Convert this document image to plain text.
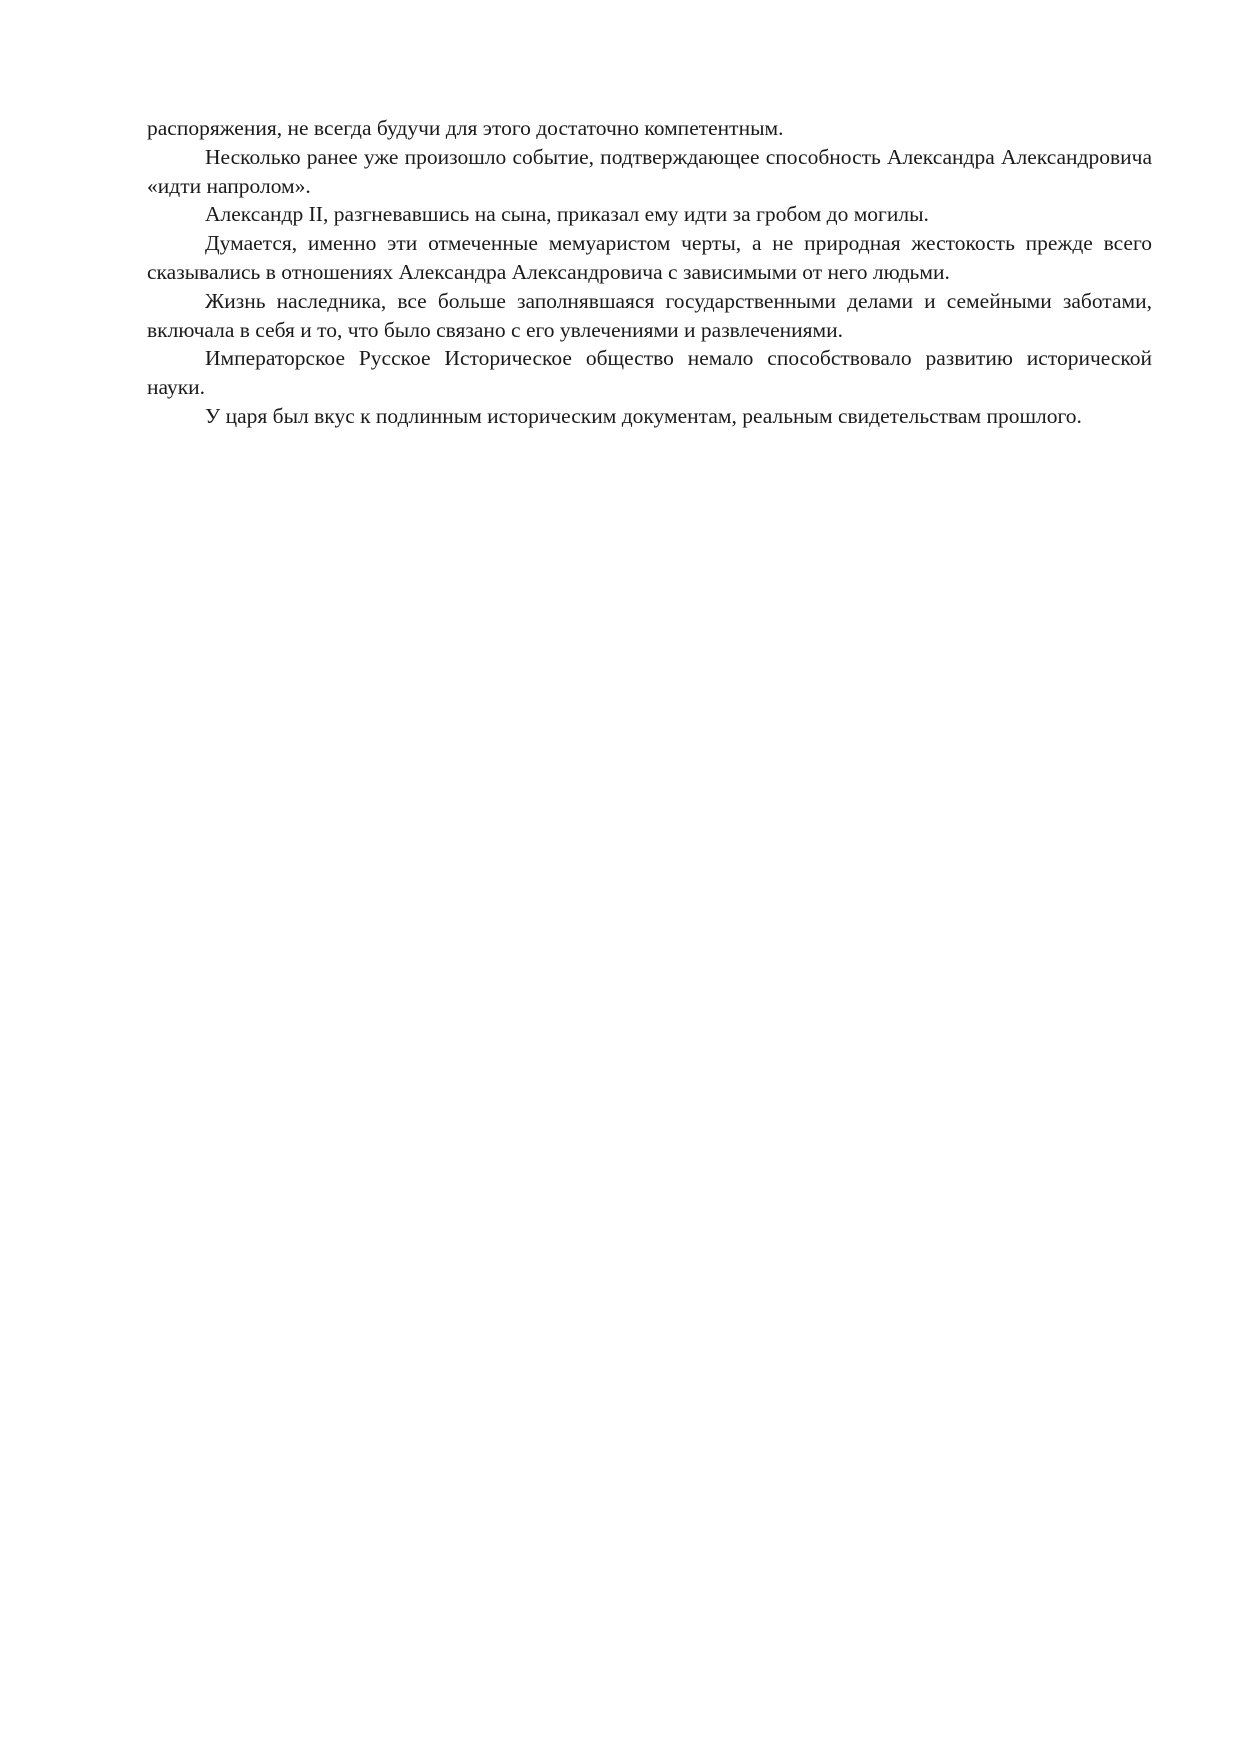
распоряжения, не всегда будучи для этого достаточно компетентным.

Несколько ранее уже произошло событие, подтверждающее способность Александра Александровича «идти напролом».

Александр II, разгневавшись на сына, приказал ему идти за гробом до могилы.

Думается, именно эти отмеченные мемуаристом черты, а не природная жестокость прежде всего сказывались в отношениях Александра Александровича с зависимыми от него людьми.

Жизнь наследника, все больше заполнявшаяся государственными делами и семейными заботами, включала в себя и то, что было связано с его увлечениями и развлечениями.

Императорское Русское Историческое общество немало способствовало развитию исторической науки.

У царя был вкус к подлинным историческим документам, реальным свидетельствам прошлого.
